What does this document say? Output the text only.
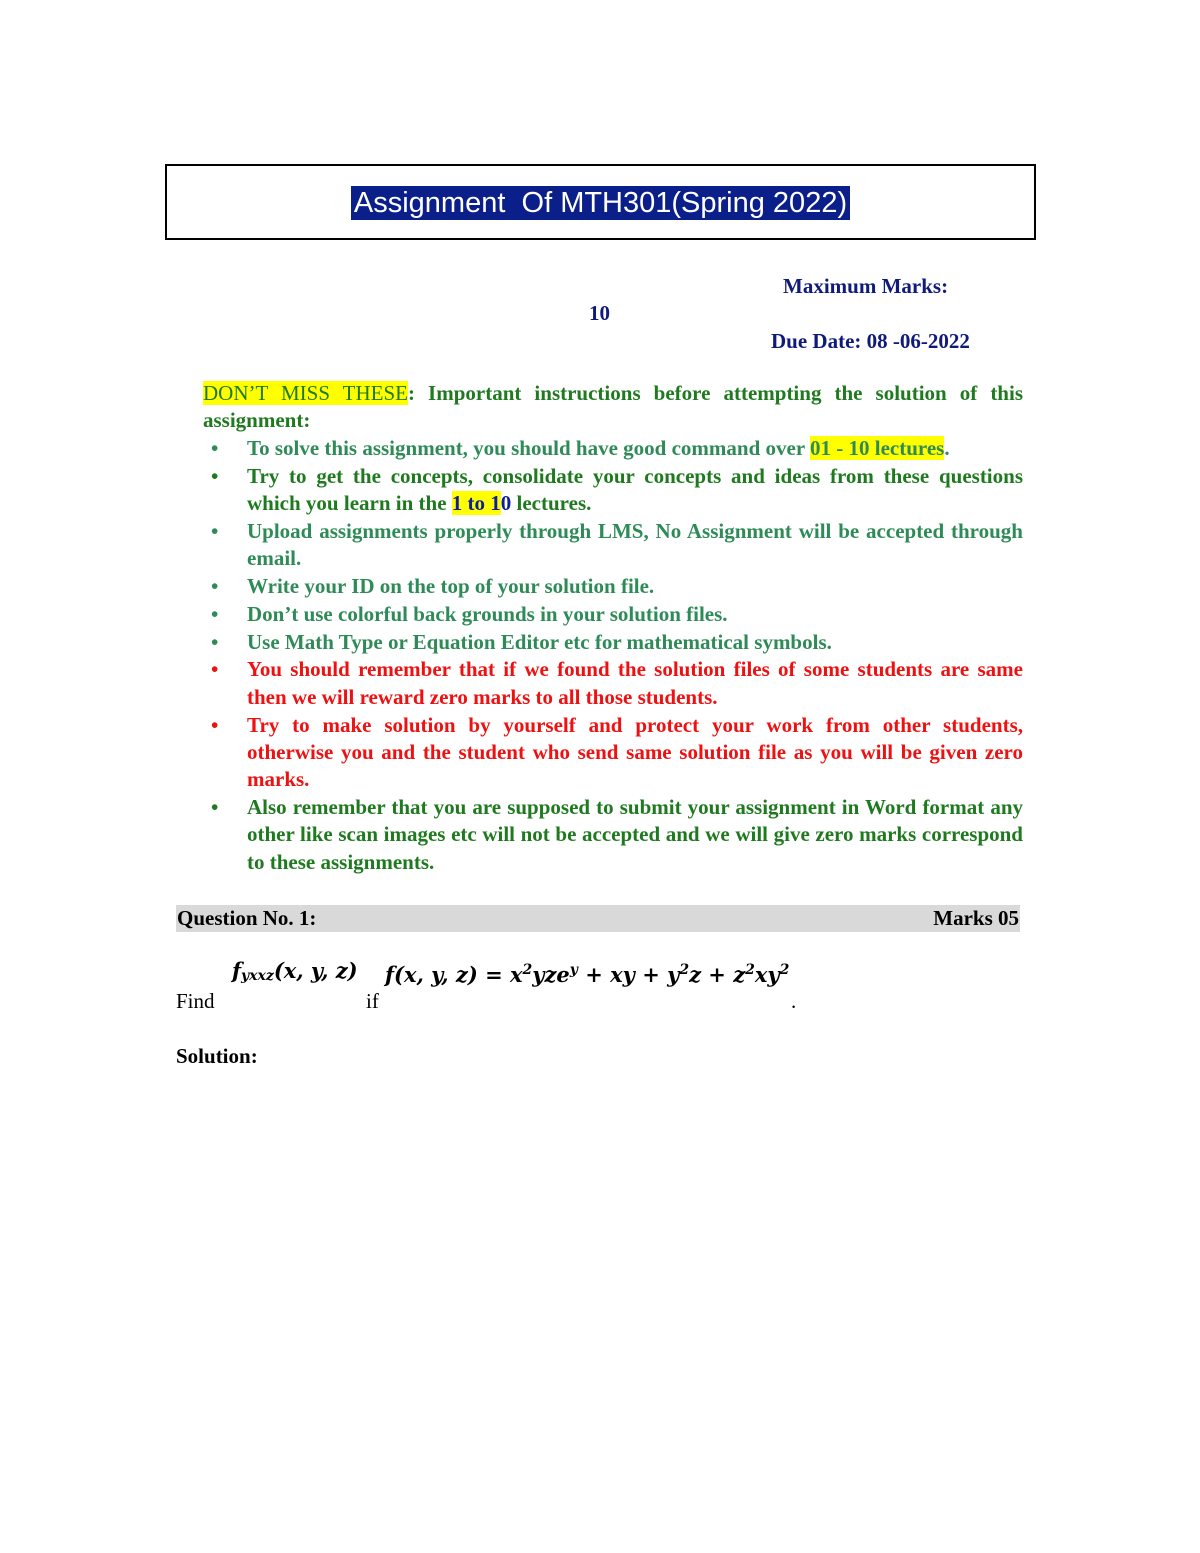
Assignment  Of MTH301(Spring 2022)
Maximum Marks:
10
Due Date: 08 -06-2022
DON’T MISS THESE: Important instructions before attempting the solution of this assignment:
• To solve this assignment, you should have good command over 01 - 10 lectures.
• Try to get the concepts, consolidate your concepts and ideas from these questions which you learn in the 1 to 10 lectures.
• Upload assignments properly through LMS, No Assignment will be accepted through email.
• Write your ID on the top of your solution file.
• Don’t use colorful back grounds in your solution files.
• Use Math Type or Equation Editor etc for mathematical symbols.
• You should remember that if we found the solution files of some students are same then we will reward zero marks to all those students.
• Try to make solution by yourself and protect your work from other students, otherwise you and the student who send same solution file as you will be given zero marks.
• Also remember that you are supposed to submit your assignment in Word format any other like scan images etc will not be accepted and we will give zero marks correspond to these assignments.
Question No. 1:	Marks 05
$f_{yxxz}(x$, y, z) f(x, y, $z) = x^2yze^y$ + xy + $y^2z + z^2xy^2$
Find	if	.
Solution:
